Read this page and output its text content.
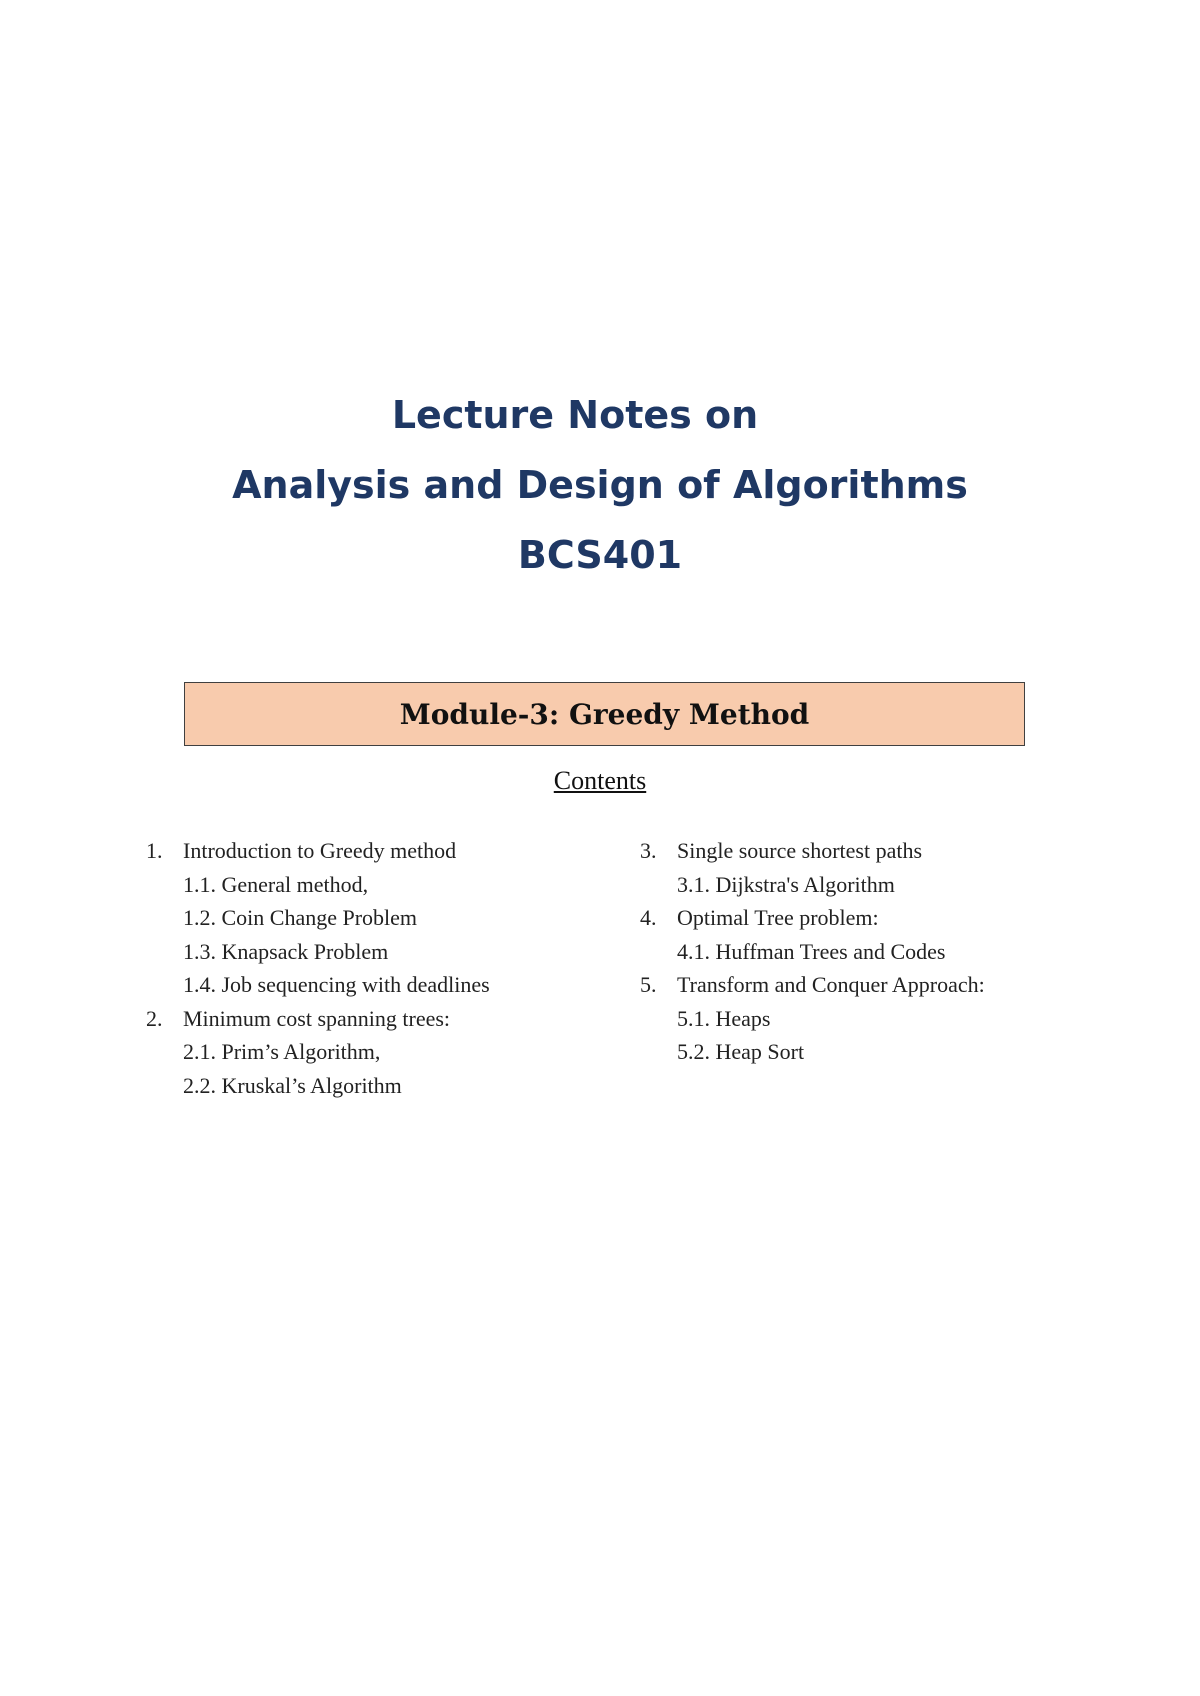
Lecture Notes on
Analysis and Design of Algorithms
BCS401
Module-3: Greedy Method
Contents
1. Introduction to Greedy method
1.1. General method,
1.2. Coin Change Problem
1.3. Knapsack Problem
1.4. Job sequencing with deadlines
2. Minimum cost spanning trees:
2.1. Prim’s Algorithm,
2.2. Kruskal’s Algorithm
3. Single source shortest paths
3.1. Dijkstra's Algorithm
4. Optimal Tree problem:
4.1. Huffman Trees and Codes
5. Transform and Conquer Approach:
5.1. Heaps
5.2. Heap Sort
